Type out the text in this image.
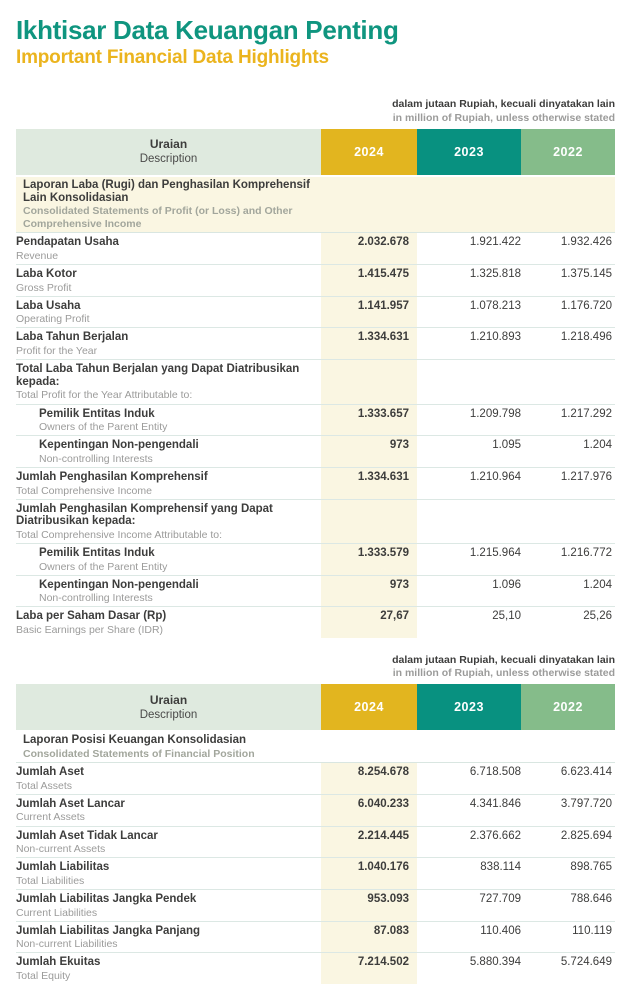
Ikhtisar Data Keuangan Penting
Important Financial Data Highlights
dalam jutaan Rupiah, kecuali dinyatakan lain
in million of Rupiah, unless otherwise stated
Uraian
Description	2024	2023	2022

Laporan Laba (Rugi) dan Penghasilan Komprehensif Lain Konsolidasian
Consolidated Statements of Profit (or Loss) and Other Comprehensive Income			

Pendapatan Usaha
Revenue	2.032.678	1.921.422	1.932.426

Laba Kotor
Gross Profit	1.415.475	1.325.818	1.375.145

Laba Usaha
Operating Profit	1.141.957	1.078.213	1.176.720

Laba Tahun Berjalan
Profit for the Year	1.334.631	1.210.893	1.218.496

Total Laba Tahun Berjalan yang Dapat Diatribusikan kepada:
Total Profit for the Year Attributable to:			

Pemilik Entitas Induk
Owners of the Parent Entity	1.333.657	1.209.798	1.217.292

Kepentingan Non-pengendali
Non-controlling Interests	973	1.095	1.204

Jumlah Penghasilan Komprehensif
Total Comprehensive Income	1.334.631	1.210.964	1.217.976

Jumlah Penghasilan Komprehensif yang Dapat Diatribusikan kepada:
Total Comprehensive Income Attributable to:			

Pemilik Entitas Induk
Owners of the Parent Entity	1.333.579	1.215.964	1.216.772

Kepentingan Non-pengendali
Non-controlling Interests	973	1.096	1.204

Laba per Saham Dasar (Rp)
Basic Earnings per Share (IDR)	27,67	25,10	25,26
dalam jutaan Rupiah, kecuali dinyatakan lain
in million of Rupiah, unless otherwise stated
Uraian
Description	2024	2023	2022

Laporan Posisi Keuangan Konsolidasian
Consolidated Statements of Financial Position			

Jumlah Aset
Total Assets	8.254.678	6.718.508	6.623.414

Jumlah Aset Lancar
Current Assets	6.040.233	4.341.846	3.797.720

Jumlah Aset Tidak Lancar
Non-current Assets	2.214.445	2.376.662	2.825.694

Jumlah Liabilitas
Total Liabilities	1.040.176	838.114	898.765

Jumlah Liabilitas Jangka Pendek
Current Liabilities	953.093	727.709	788.646

Jumlah Liabilitas Jangka Panjang
Non-current Liabilities	87.083	110.406	110.119

Jumlah Ekuitas
Total Equity	7.214.502	5.880.394	5.724.649
